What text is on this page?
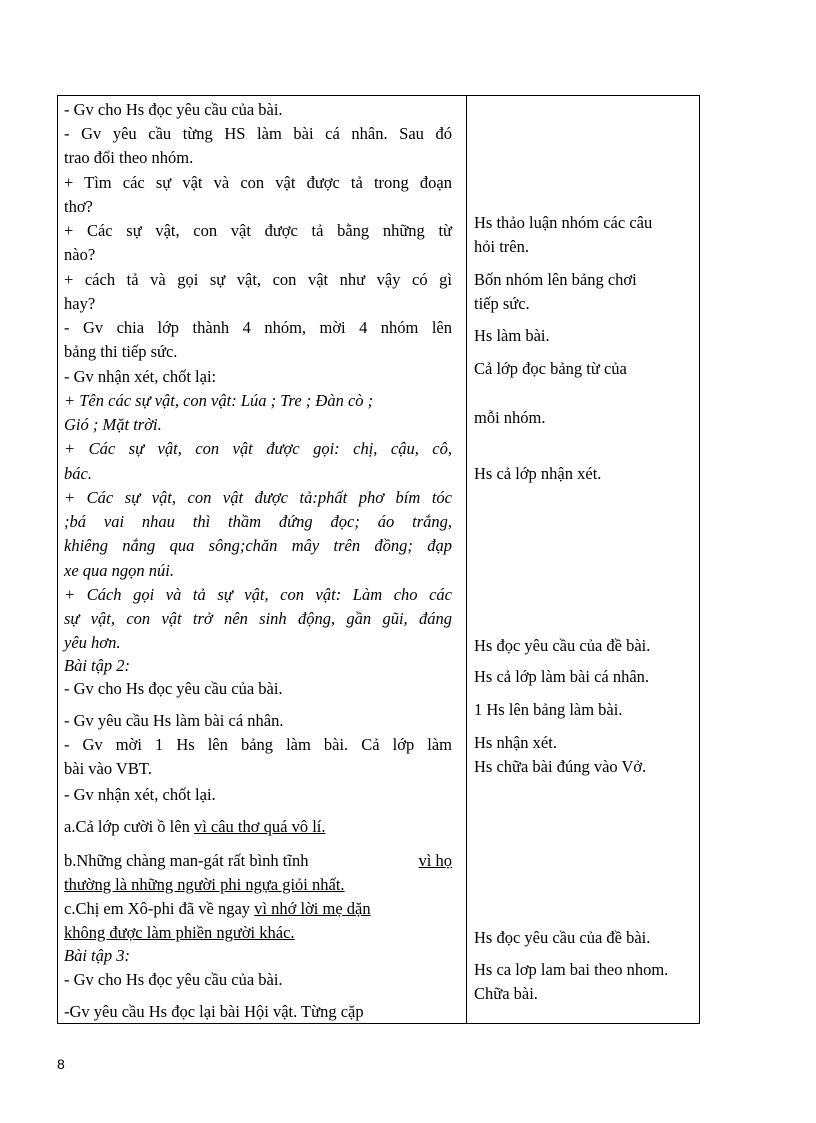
- Gv cho Hs đọc yêu cầu của bài.
- Gv yêu cầu từng HS làm bài cá nhân. Sau đó
trao đổi theo nhóm.
+ Tìm các sự vật và con vật được tả trong đoạn
thơ?
+ Các sự vật, con vật được tả bằng những từ
nào?
+ cách tả và gọi sự vật, con vật như vậy có gì
hay?
- Gv chia lớp thành 4 nhóm, mời 4 nhóm lên
bảng thi tiếp sức.
- Gv nhận xét, chốt lại:
+ Tên các sự vật, con vật: Lúa ; Tre ; Đàn cò ;
Gió ; Mặt trời.
+ Các sự vật, con vật được gọi: chị, cậu, cô,
bác.
+ Các sự vật, con vật được tả:phất phơ bím tóc
;bá vai nhau thì thầm đứng đọc; áo trắng,
khiêng nắng qua sông;chăn mây trên đồng; đạp
xe qua ngọn núi.
+ Cách gọi và tả sự vật, con vật: Làm cho các
sự vật, con vật trở nên sinh động, gần gũi, đáng
yêu hơn.
Bài tập 2:
- Gv cho Hs đọc yêu cầu của bài.
- Gv yêu cầu Hs làm bài cá nhân.
- Gv mời 1 Hs lên bảng làm bài. Cả lớp làm
bài vào VBT.
- Gv nhận xét, chốt lại.
a.Cả lớp cười ồ lên vì câu thơ quá vô lí.
b.Những chàng man-gát rất bình tĩnh	vì họ
thường là những người phi ngựa giỏi nhất.
c.Chị em Xô-phi đã về ngay vì nhớ lời mẹ dặn
không được làm phiền người khác.
Bài tập 3:
- Gv cho Hs đọc yêu cầu của bài.
-Gv yêu cầu Hs đọc lại bài Hội vật. Từng cặp
Hs thảo luận nhóm các câu
hỏi trên.
Bốn nhóm lên bảng chơi
tiếp sức.
Hs làm bài.
Cả lớp đọc bảng từ của
mỗi nhóm.
Hs cả lớp nhận xét.
Hs đọc yêu cầu của đề bài.
Hs cả lớp làm bài cá nhân.
1 Hs lên bảng làm bài.
Hs nhận xét.
Hs chữa bài đúng vào Vở.
Hs đọc yêu cầu của đề bài.
Hs ca lơp lam bai theo nhom.
Chữa bài.
8
